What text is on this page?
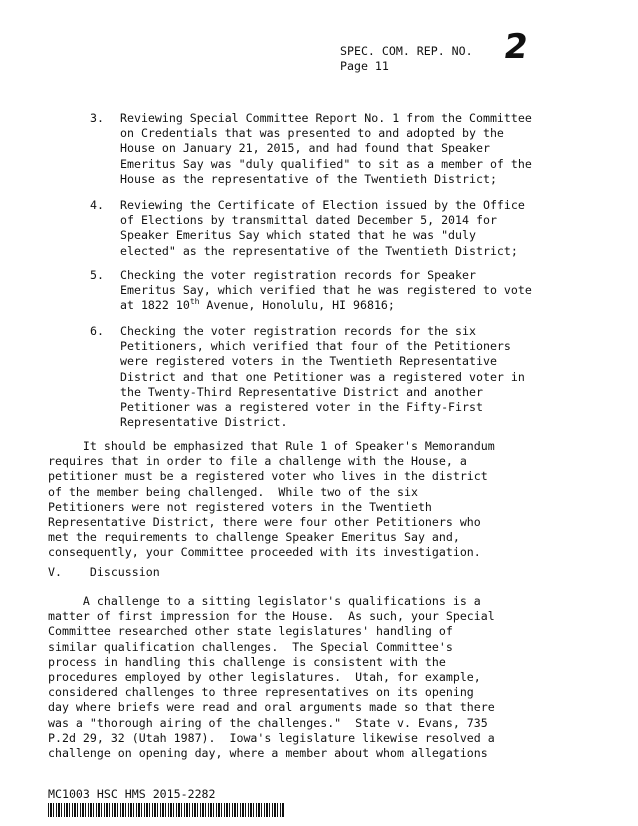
SPEC. COM. REP. NO.
Page 11	2
3. Reviewing Special Committee Report No. 1 from the Committee

on Credentials that was presented to and adopted by the

House on January 21, 2015, and had found that Speaker

Emeritus Say was "duly qualified" to sit as a member of the

House as the representative of the Twentieth District;

4. Reviewing the Certificate of Election issued by the Office

of Elections by transmittal dated December 5, 2014 for

Speaker Emeritus Say which stated that he was "duly

elected" as the representative of the Twentieth District;

5. Checking the voter registration records for Speaker

Emeritus Say, which verified that he was registered to vote

at 1822 10th Avenue, Honolulu, HI 96816;

6. Checking the voter registration records for the six

Petitioners, which verified that four of the Petitioners

were registered voters in the Twentieth Representative

District and that one Petitioner was a registered voter in

the Twenty-Third Representative District and another

Petitioner was a registered voter in the Fifty-First

Representative District.

It should be emphasized that Rule 1 of Speaker's Memorandum

requires that in order to file a challenge with the House, a

petitioner must be a registered voter who lives in the district

of the member being challenged.  While two of the six

Petitioners were not registered voters in the Twentieth

Representative District, there were four other Petitioners who

met the requirements to challenge Speaker Emeritus Say and,

consequently, your Committee proceeded with its investigation.

V. Discussion

A challenge to a sitting legislator's qualifications is a

matter of first impression for the House.  As such, your Special

Committee researched other state legislatures' handling of

similar qualification challenges.  The Special Committee's

process in handling this challenge is consistent with the

procedures employed by other legislatures.  Utah, for example,

considered challenges to three representatives on its opening

day where briefs were read and oral arguments made so that there

was a "thorough airing of the challenges."  State v. Evans, 735

P.2d 29, 32 (Utah 1987).  Iowa's legislature likewise resolved a

challenge on opening day, where a member about whom allegations

MC1003 HSC HMS 2015-2282
